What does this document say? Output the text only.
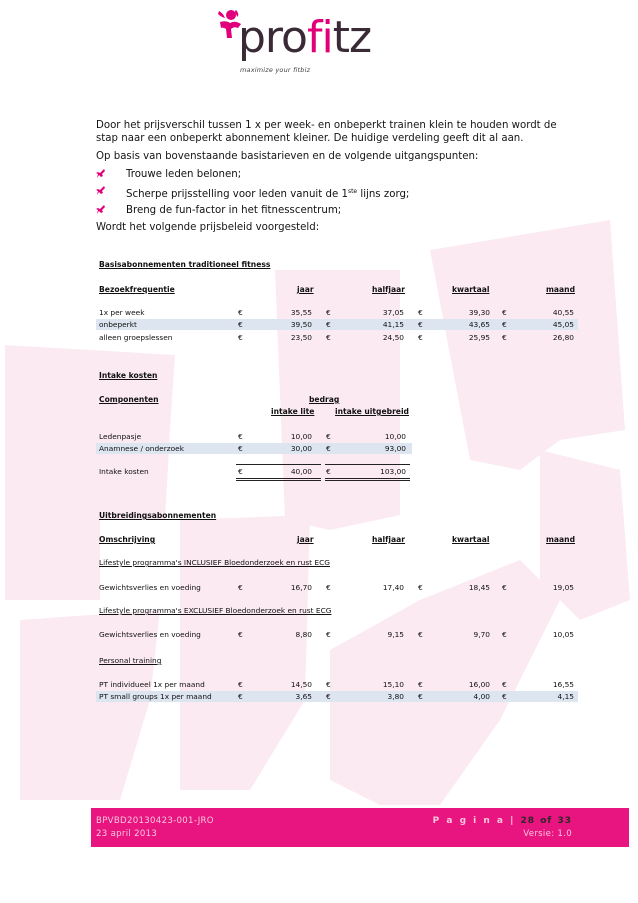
profitz
maximize your fitbiz
Door het prijsverschil tussen 1 x per week- en onbeperkt trainen klein te houden wordt de stap naar een onbeperkt abonnement kleiner. De huidige verdeling geeft dit al aan.
Op basis van bovenstaande basistarieven en de volgende uitgangspunten:
Trouwe leden belonen;
Scherpe prijsstelling voor leden vanuit de 1ste lijns zorg;
Breng de fun-factor in het fitnesscentrum;
Wordt het volgende prijsbeleid voorgesteld:
Basisabonnementen traditioneel fitness
Bezoekfrequentie	jaar	halfjaar	kwartaal	maand
1x per week	€	35,55 €	37,05 €	39,30 €	40,55
onbeperkt	€	39,50 €	41,15 €	43,65 €	45,05
alleen groepslessen	€	23,50 €	24,50 €	25,95 €	26,80
Intake kosten
Componenten	bedrag
intake lite	intake uitgebreid
Ledenpasje	€	10,00 €	10,00
Anamnese / onderzoek	€	30,00 €	93,00
Intake kosten	€	40,00 €	103,00
Uitbreidingsabonnementen
Omschrijving	jaar	halfjaar	kwartaal	maand
Lifestyle programma's INCLUSIEF Bloedonderzoek en rust ECG
Gewichtsverlies en voeding	€	16,70 €	17,40 €	18,45 €	19,05
Lifestyle programma's EXCLUSIEF Bloedonderzoek en rust ECG
Gewichtsverlies en voeding	€	8,80 €	9,15 €	9,70 €	10,05
Personal training
PT individueel 1x per maand	€	14,50 €	15,10 €	16,00 €	16,55
PT small groups 1x per maand	€	3,65 €	3,80 €	4,00 €	4,15
BPVBD20130423-001-JRO
23 april 2013
P a g i n a | 28 of 33
Versie: 1.0
